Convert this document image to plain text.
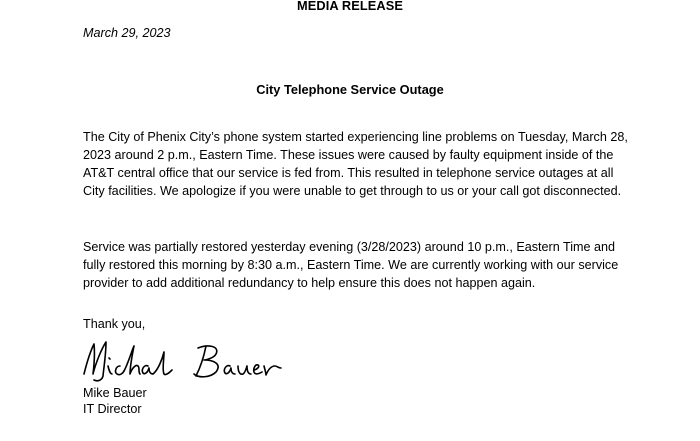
MEDIA RELEASE
March 29, 2023
City Telephone Service Outage

The City of Phenix City’s phone system started experiencing line problems on Tuesday, March 28, 2023 around 2 p.m., Eastern Time. These issues were caused by faulty equipment inside of the AT&T central office that our service is fed from. This resulted in telephone service outages at all City facilities. We apologize if you were unable to get through to us or your call got disconnected.

Service was partially restored yesterday evening (3/28/2023) around 10 p.m., Eastern Time and fully restored this morning by 8:30 a.m., Eastern Time. We are currently working with our service provider to add additional redundancy to help ensure this does not happen again.

Thank you,
Mike Bauer
IT Director
